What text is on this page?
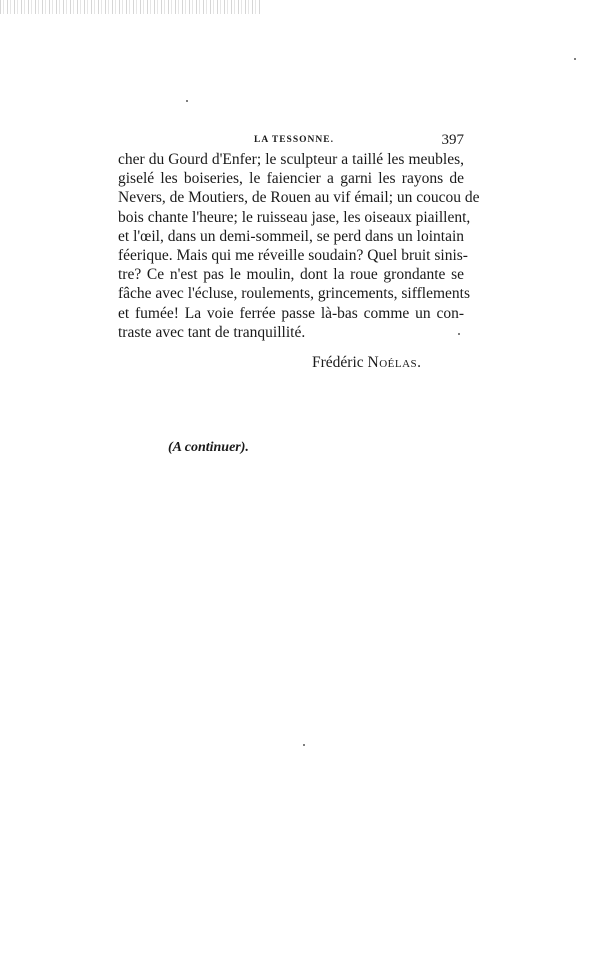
LA TESSONNE.	397
cher du Gourd d'Enfer; le sculpteur a taillé les meubles,
giselé les boiseries, le faiencier a garni les rayons de
Nevers, de Moutiers, de Rouen au vif émail; un coucou de
bois chante l'heure; le ruisseau jase, les oiseaux piaillent,
et l'œil, dans un demi-sommeil, se perd dans un lointain
féerique. Mais qui me réveille soudain? Quel bruit sinis-
tre? Ce n'est pas le moulin, dont la roue grondante se
fâche avec l'écluse, roulements, grincements, sifflements
et fumée! La voie ferrée passe là-bas comme un con-
traste avec tant de tranquillité.
Frédéric Noélas.
(A continuer).
